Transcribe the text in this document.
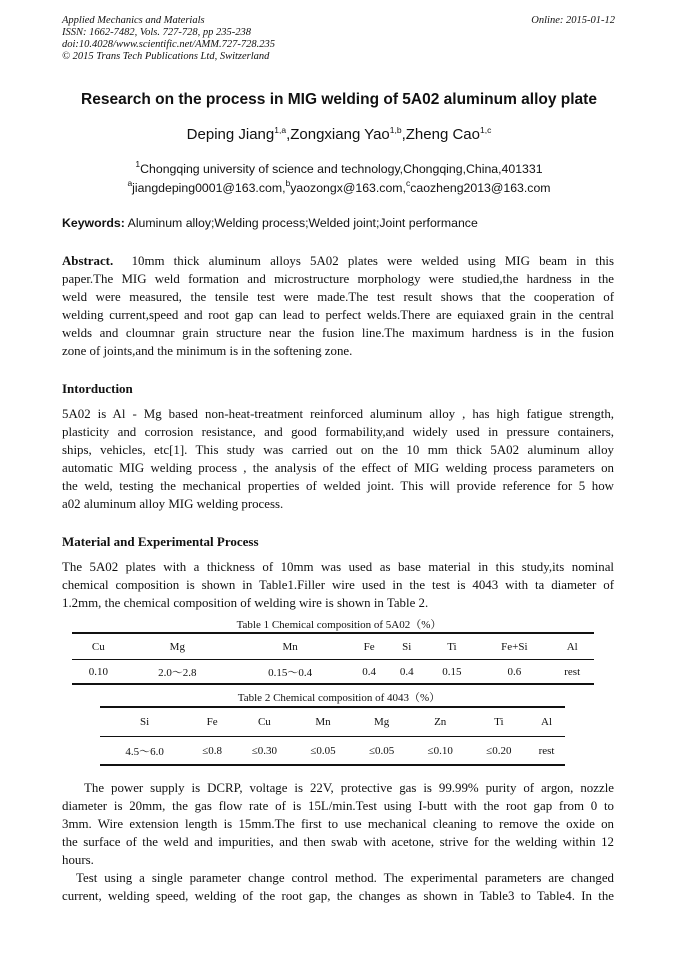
Applied Mechanics and Materials
ISSN: 1662-7482, Vols. 727-728, pp 235-238
doi:10.4028/www.scientific.net/AMM.727-728.235
© 2015 Trans Tech Publications Ltd, Switzerland
Online: 2015-01-12
Research on the process in MIG welding of 5A02 aluminum alloy plate
Deping Jiang$^{1,a}$,Zongxiang Yao$^{1,b}$,Zheng Cao$^{1,c}$
$^1$Chongqing university of science and technology,Chongqing,China,401331
$^a$jiangdeping0001@163.com,$^b$yaozongx@163.com,$^c$caozheng2013@163.com
Keywords: Aluminum alloy;Welding process;Welded joint;Joint performance
Abstract. 10mm thick aluminum alloys 5A02 plates were welded using MIG beam in this
paper.The MIG weld formation and microstructure morphology were studied,the hardness in the
weld were measured, the tensile test were made.The test result shows that the cooperation of
welding current,speed and root gap can lead to perfect welds.There are equiaxed grain in the central
welds and cloumnar grain structure near the fusion line.The maximum hardness is in the fusion
zone of joints,and the minimum is in the softening zone.
Intorduction
5A02 is Al - Mg based non-heat-treatment reinforced aluminum alloy , has high fatigue strength,
plasticity and corrosion resistance, and good formability,and widely used in pressure containers,
ships, vehicles, etc[1]. This study was carried out on the 10 mm thick 5A02 aluminum alloy
automatic MIG welding process , the analysis of the effect of MIG welding process parameters on
the weld, testing the mechanical properties of welded joint. This will provide reference for 5 how
a02 aluminum alloy MIG welding process.
Material and Experimental Process
The 5A02 plates with a thickness of 10mm was used as base material in this study,its nominal
chemical composition is shown in Table1.Filler wire used in the test is 4043 with ta diameter of
1.2mm, the chemical composition of welding wire is shown in Table 2.
Table 1 Chemical composition of 5A02（%）
Cu	Mg	Mn	Fe	Si	Ti	Fe+Si	Al
0.10	2.0～2.8	0.15～0.4	0.4	0.4	0.15	0.6	rest
Table 2 Chemical composition of 4043（%）
Si	Fe	Cu	Mn	Mg	Zn	Ti	Al
4.5～6.0	≤0.8	≤0.30	≤0.05	≤0.05	≤0.10	≤0.20	rest
The power supply is DCRP, voltage is 22V, protective gas is 99.99% purity of argon, nozzle
diameter is 20mm, the gas flow rate of is 15L/min.Test using I-butt with the root gap from 0 to
3mm. Wire extension length is 15mm.The first to use mechanical cleaning to remove the oxide on
the surface of the weld and impurities, and then swab with acetone, strive for the welding within 12
hours.
Test using a single parameter change control method. The experimental parameters are changed
current, welding speed, welding of the root gap, the changes as shown in Table3 to Table4. In the
